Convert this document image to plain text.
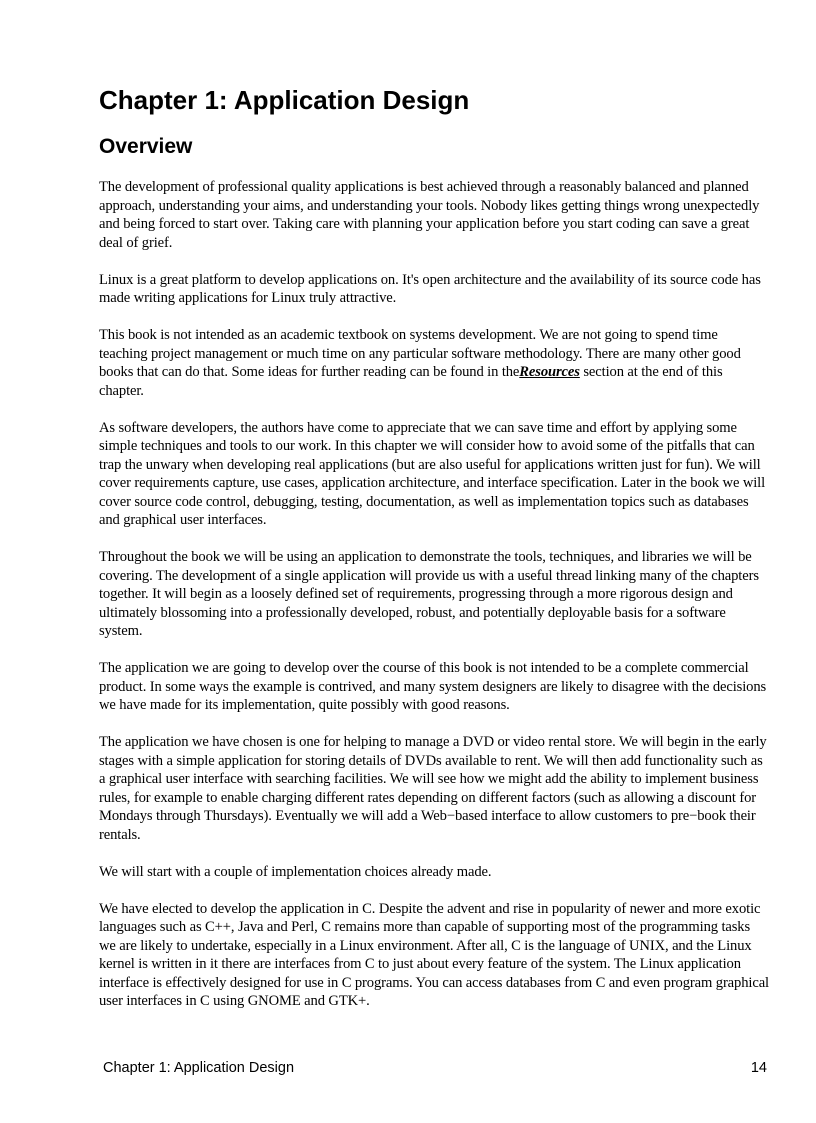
Chapter 1: Application Design
Overview

The development of professional quality applications is best achieved through a reasonably balanced and planned approach, understanding your aims, and understanding your tools. Nobody likes getting things wrong unexpectedly and being forced to start over. Taking care with planning your application before you start coding can save a great deal of grief.

Linux is a great platform to develop applications on. It's open architecture and the availability of its source code has made writing applications for Linux truly attractive.

This book is not intended as an academic textbook on systems development. We are not going to spend time teaching project management or much time on any particular software methodology. There are many other good books that can do that. Some ideas for further reading can be found in theResources section at the end of this chapter.

As software developers, the authors have come to appreciate that we can save time and effort by applying some simple techniques and tools to our work. In this chapter we will consider how to avoid some of the pitfalls that can trap the unwary when developing real applications (but are also useful for applications written just for fun). We will cover requirements capture, use cases, application architecture, and interface specification. Later in the book we will cover source code control, debugging, testing, documentation, as well as implementation topics such as databases and graphical user interfaces.

Throughout the book we will be using an application to demonstrate the tools, techniques, and libraries we will be covering. The development of a single application will provide us with a useful thread linking many of the chapters together. It will begin as a loosely defined set of requirements, progressing through a more rigorous design and ultimately blossoming into a professionally developed, robust, and potentially deployable basis for a software system.

The application we are going to develop over the course of this book is not intended to be a complete commercial product. In some ways the example is contrived, and many system designers are likely to disagree with the decisions we have made for its implementation, quite possibly with good reasons.

The application we have chosen is one for helping to manage a DVD or video rental store. We will begin in the early stages with a simple application for storing details of DVDs available to rent. We will then add functionality such as a graphical user interface with searching facilities. We will see how we might add the ability to implement business rules, for example to enable charging different rates depending on different factors (such as allowing a discount for Mondays through Thursdays). Eventually we will add a Web−based interface to allow customers to pre−book their rentals.

We will start with a couple of implementation choices already made.

We have elected to develop the application in C. Despite the advent and rise in popularity of newer and more exotic languages such as C++, Java and Perl, C remains more than capable of supporting most of the programming tasks we are likely to undertake, especially in a Linux environment. After all, C is the language of UNIX, and the Linux kernel is written in it there are interfaces from C to just about every feature of the system. The Linux application interface is effectively designed for use in C programs. You can access databases from C and even program graphical user interfaces in C using GNOME and GTK+.

Chapter 1: Application Design	14
